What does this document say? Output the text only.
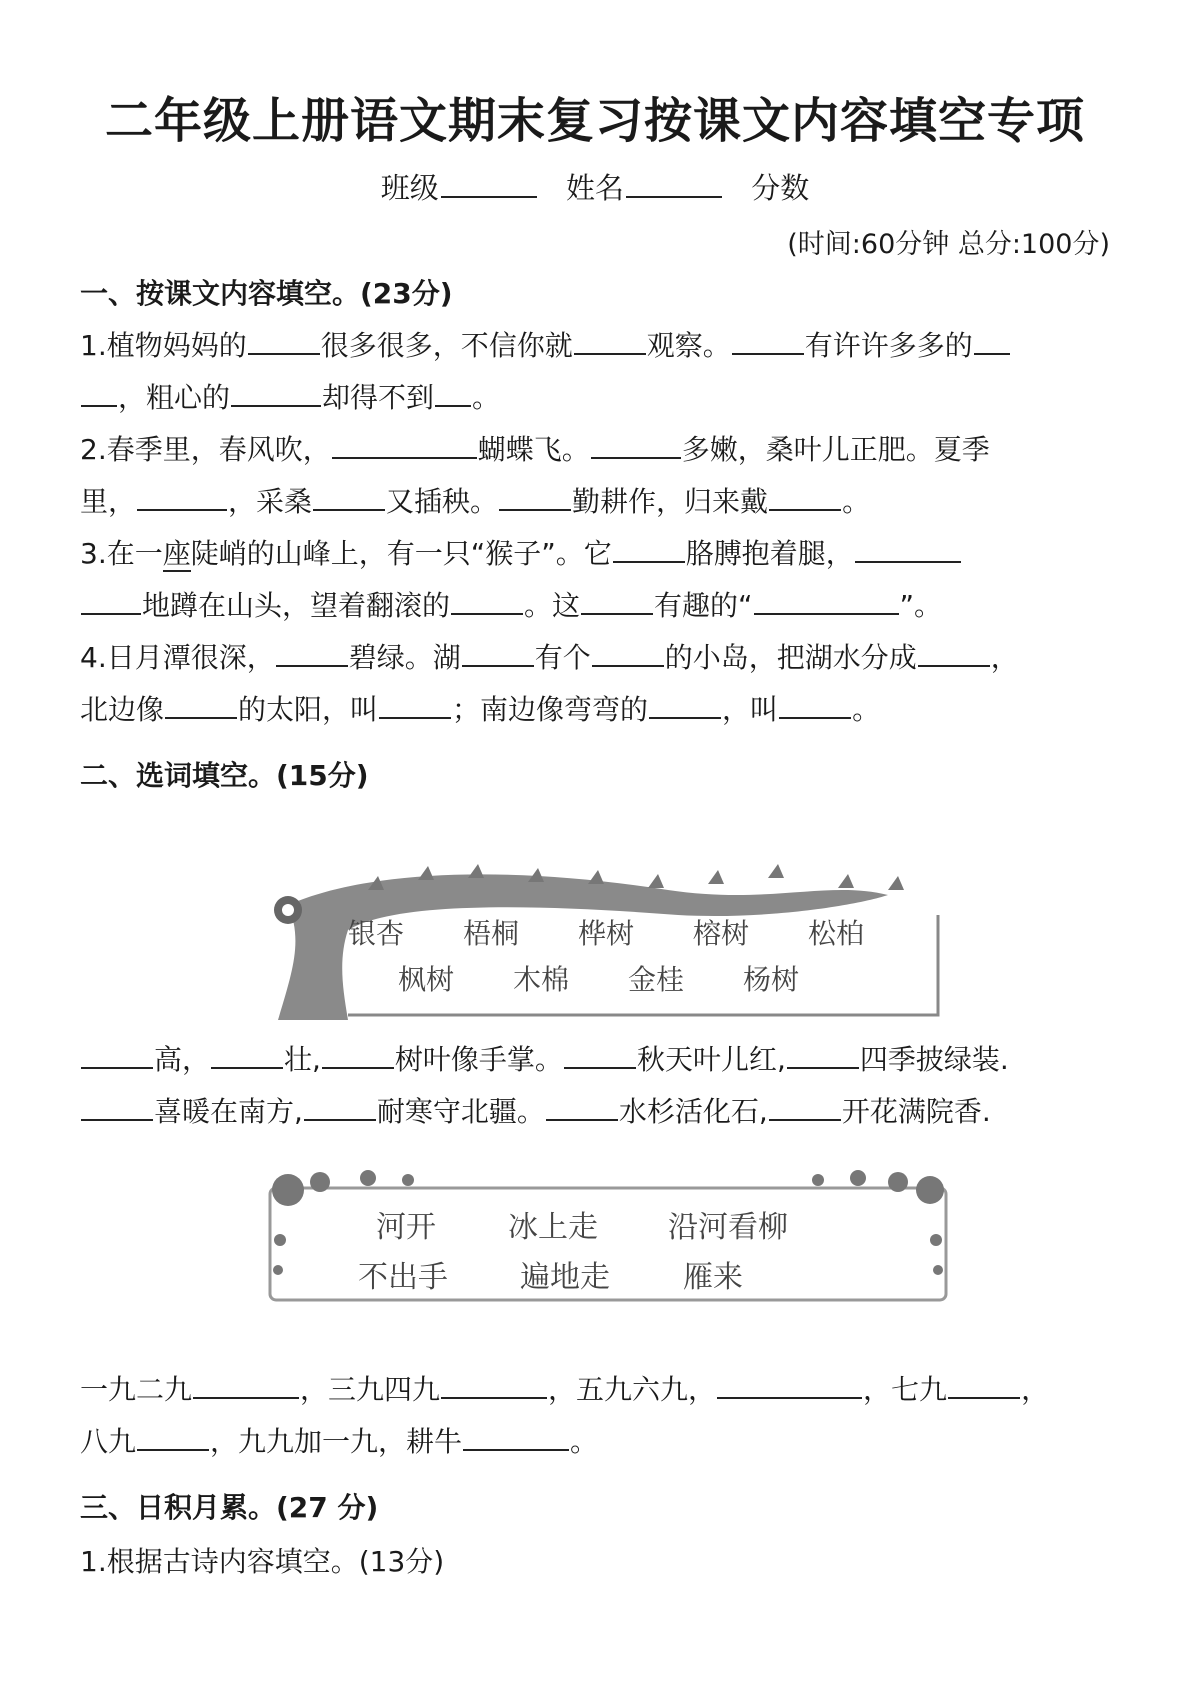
二年级上册语文期末复习按课文内容填空专项
班级	姓名	分数
(时间:60分钟 总分:100分)
一、按课文内容填空。(23分)
1.植物妈妈的	很多很多，不信你就	观察。	有许许多多的
，粗心的	却得不到 。
2.春季里，春风吹，	蝴蝶飞。	多嫩，桑叶儿正肥。夏季
里，	，采桑	又插秧。	勤耕作，归来戴	。
3.在一座陡峭的山峰上，有一只“猴子”。它	胳膊抱着腿，
地蹲在山头，望着翻滚的	。这	有趣的“	”。
4.日月潭很深，	碧绿。湖	有个	的小岛，把湖水分成	，
北边像	的太阳，叫	；南边像弯弯的	，叫	。
二、选词填空。(15分)
银杏 梧桐 桦树 榕树 松柏
枫树 木棉 金桂 杨树
高，	壮,	树叶像手掌。	秋天叶儿红,	四季披绿装.
喜暖在南方,	耐寒守北疆。	水杉活化石,	开花满院香.
河开 冰上走 沿河看柳
不出手 遍地走 雁来
一九二九	，三九四九	，五九六九，	，七九	，
八九	，九九加一九，耕牛	。
三、日积月累。(27 分)
1.根据古诗内容填空。(13分)
